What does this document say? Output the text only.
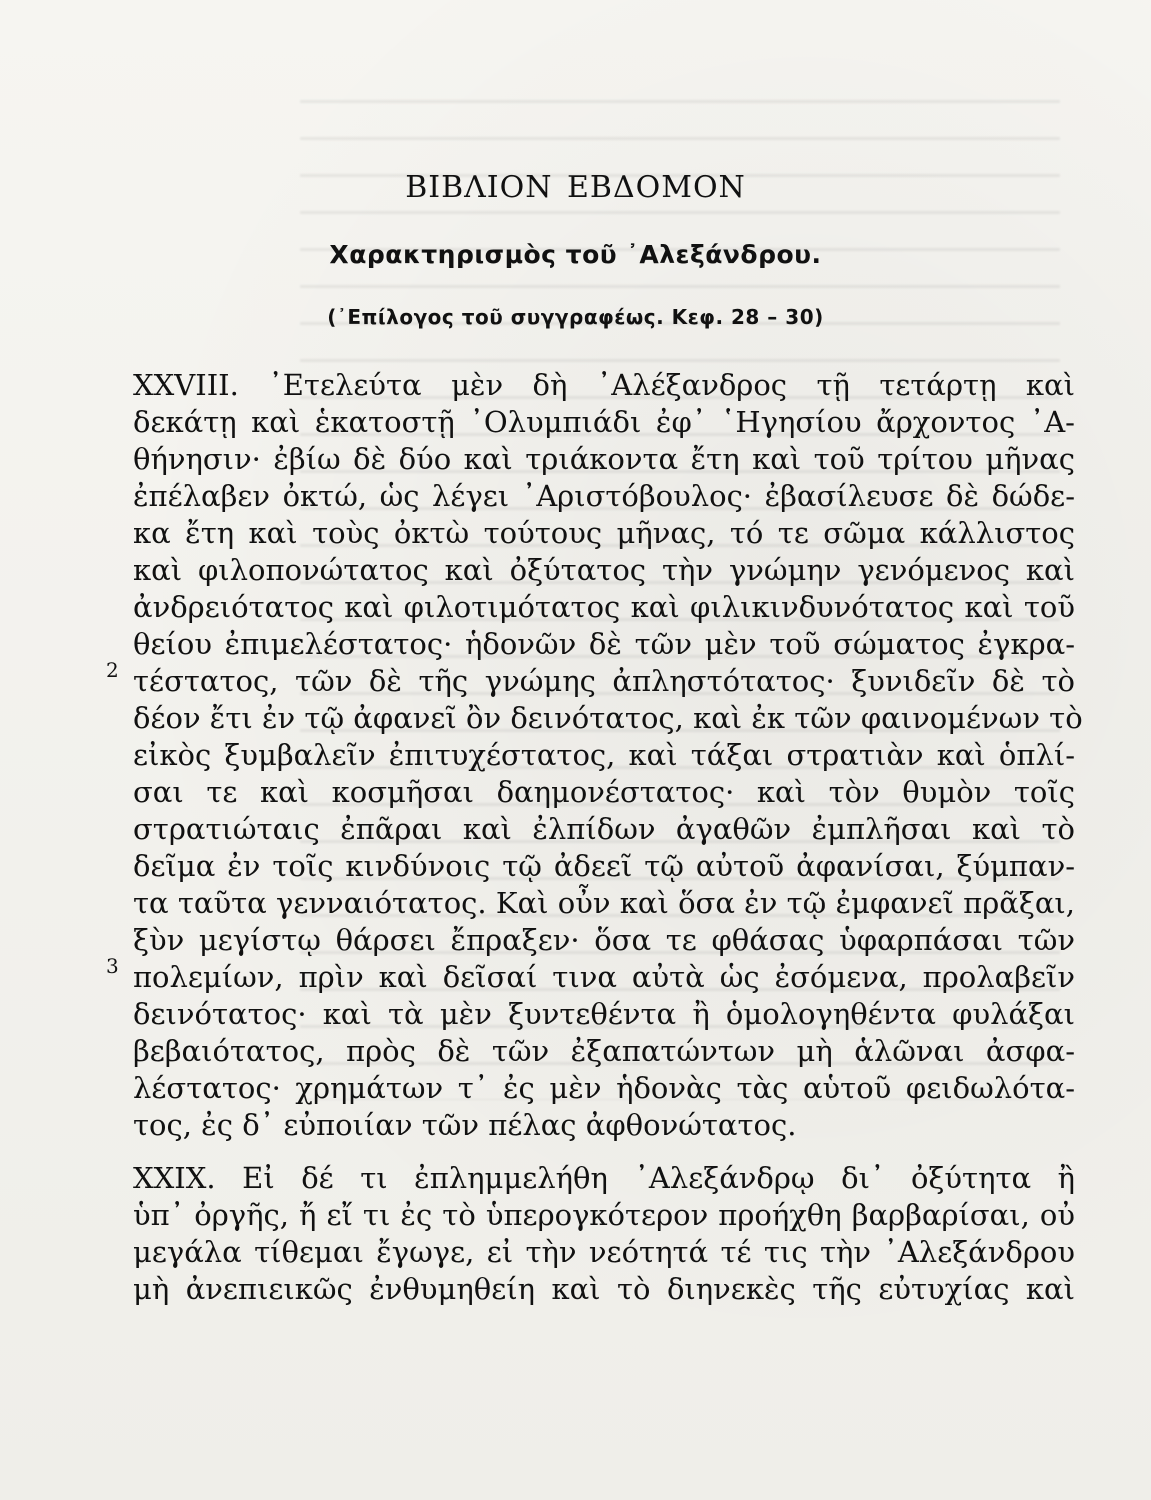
ΒΙΒΛΙΟΝ ΕΒΔΟΜΟΝ
Χαρακτηρισμὸς τοῦ ᾿Αλεξάνδρου.
(᾿Επίλογος τοῦ συγγραφέως. Κεφ. 28 – 30)
2
3
XXVIII. ᾿Ετελεύτα μὲν δὴ ᾿Αλέξανδρος τῇ τετάρτῃ καὶ
δεκάτῃ καὶ ἑκατοστῇ ᾿Ολυμπιάδι ἐφ᾿ ῾Ηγησίου ἄρχοντος ᾿Α-
θήνησιν· ἐβίω δὲ δύο καὶ τριάκοντα ἔτη καὶ τοῦ τρίτου μῆνας
ἐπέλαβεν ὀκτώ, ὡς λέγει ᾿Αριστόβουλος· ἐβασίλευσε δὲ δώδε-
κα ἔτη καὶ τοὺς ὀκτὼ τούτους μῆνας, τό τε σῶμα κάλλιστος
καὶ φιλοπονώτατος καὶ ὀξύτατος τὴν γνώμην γενόμενος καὶ
ἀνδρειότατος καὶ φιλοτιμότατος καὶ φιλικινδυνότατος καὶ τοῦ
θείου ἐπιμελέστατος· ἡδονῶν δὲ τῶν μὲν τοῦ σώματος ἐγκρα-
τέστατος, τῶν δὲ τῆς γνώμης ἀπληστότατος· ξυνιδεῖν δὲ τὸ
δέον ἔτι ἐν τῷ ἀφανεῖ ὂν δεινότατος, καὶ ἐκ τῶν φαινομένων τὸ
εἰκὸς ξυμβαλεῖν ἐπιτυχέστατος, καὶ τάξαι στρατιὰν καὶ ὁπλί-
σαι τε καὶ κοσμῆσαι δαημονέστατος· καὶ τὸν θυμὸν τοῖς
στρατιώταις ἐπᾶραι καὶ ἐλπίδων ἀγαθῶν ἐμπλῆσαι καὶ τὸ
δεῖμα ἐν τοῖς κινδύνοις τῷ ἀδεεῖ τῷ αὐτοῦ ἀφανίσαι, ξύμπαν-
τα ταῦτα γενναιότατος. Καὶ οὖν καὶ ὅσα ἐν τῷ ἐμφανεῖ πρᾶξαι,
ξὺν μεγίστῳ θάρσει ἔπραξεν· ὅσα τε φθάσας ὑφαρπάσαι τῶν
πολεμίων, πρὶν καὶ δεῖσαί τινα αὐτὰ ὡς ἐσόμενα, προλαβεῖν
δεινότατος· καὶ τὰ μὲν ξυντεθέντα ἢ ὁμολογηθέντα φυλάξαι
βεβαιότατος, πρὸς δὲ τῶν ἐξαπατώντων μὴ ἁλῶναι ἀσφα-
λέστατος· χρημάτων τ᾿ ἐς μὲν ἡδονὰς τὰς αὑτοῦ φειδωλότα-
τος, ἐς δ᾿ εὐποιίαν τῶν πέλας ἀφθονώτατος.
XXIX. Εἰ δέ τι ἐπλημμελήθη ᾿Αλεξάνδρῳ δι᾿ ὀξύτητα ἢ
ὑπ᾿ ὀργῆς, ἤ εἴ τι ἐς τὸ ὑπερογκότερον προήχθη βαρβαρίσαι, οὐ
μεγάλα τίθεμαι ἔγωγε, εἰ τὴν νεότητά τέ τις τὴν ᾿Αλεξάνδρου
μὴ ἀνεπιεικῶς ἐνθυμηθείη καὶ τὸ διηνεκὲς τῆς εὐτυχίας καὶ
